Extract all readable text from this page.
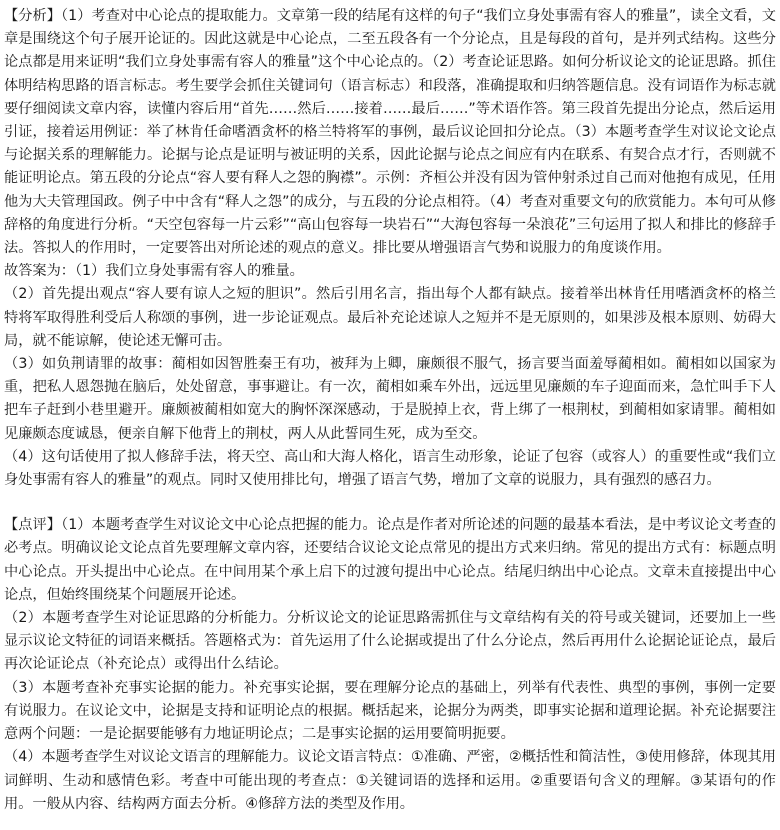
【分析】（1）考查对中心论点的提取能力。文章第一段的结尾有这样的句子“我们立身处事需有容人的雅量”，读全文看，文章是围绕这个句子展开论证的。因此这就是中心论点，二至五段各有一个分论点，且是每段的首句，是并列式结构。这些分论点都是用来证明“我们立身处事需有容人的雅量”这个中心论点的。（2）考查论证思路。如何分析议论文的论证思路。抓住体明结构思路的语言标志。考生要学会抓住关键词句（语言标志）和段落，准确提取和归纳答题信息。没有词语作为标志就要仔细阅读文章内容，读懂内容后用“首先……然后……接着……最后……”等术语作答。第三段首先提出分论点，然后运用引证，接着运用例证：举了林肯任命嗜酒贪杯的格兰特将军的事例，最后议论回扣分论点。（3）本题考查学生对议论文论点与论据关系的理解能力。论据与论点是证明与被证明的关系，因此论据与论点之间应有内在联系、有契合点才行，否则就不能证明论点。第五段的分论点“容人要有释人之怨的胸襟”。示例：齐桓公并没有因为管仲射杀过自己而对他抱有成见，任用他为大夫管理国政。例子中中含有“释人之怨”的成分，与五段的分论点相符。（4）考查对重要文句的欣赏能力。本句可从修辞格的角度进行分析。“天空包容每一片云彩”“高山包容每一块岩石”“大海包容每一朵浪花”三句运用了拟人和排比的修辞手法。答拟人的作用时，一定要答出对所论述的观点的意义。排比要从增强语言气势和说服力的角度谈作用。

故答案为：（1）我们立身处事需有容人的雅量。

（2）首先提出观点“容人要有谅人之短的胆识”。然后引用名言，指出每个人都有缺点。接着举出林肯任用嗜酒贪杯的格兰特将军取得胜利受后人称颂的事例，进一步论证观点。最后补充论述谅人之短并不是无原则的，如果涉及根本原则、妨碍大局，就不能谅解，使论述无懈可击。

（3）如负荆请罪的故事：蔺相如因智胜秦王有功，被拜为上卿，廉颇很不服气，扬言要当面羞辱蔺相如。蔺相如以国家为重，把私人恩怨抛在脑后，处处留意，事事避让。有一次，蔺相如乘车外出，远远里见廉颇的车子迎面而来，急忙叫手下人把车子赶到小巷里避开。廉颇被蔺相如宽大的胸怀深深感动，于是脱掉上衣，背上绑了一根荆杖，到蔺相如家请罪。蔺相如见廉颇态度诚恳，便亲自解下他背上的荆杖，两人从此誓同生死，成为至交。

（4）这句话使用了拟人修辞手法，将天空、高山和大海人格化，语言生动形象，论证了包容（或容人）的重要性或“我们立身处事需有容人的雅量”的观点。同时又使用排比句，增强了语言气势，增加了文章的说服力，具有强烈的感召力。

【点评】（1）本题考查学生对议论文中心论点把握的能力。论点是作者对所论述的问题的最基本看法，是中考议论文考查的必考点。明确议论文论点首先要理解文章内容，还要结合议论文论点常见的提出方式来归纳。常见的提出方式有：标题点明中心论点。开头提出中心论点。在中间用某个承上启下的过渡句提出中心论点。结尾归纳出中心论点。文章未直接提出中心论点，但始终围绕某个问题展开论述。

（2）本题考查学生对论证思路的分析能力。分析议论文的论证思路需抓住与文章结构有关的符号或关键词，还要加上一些显示议论文特征的词语来概括。答题格式为：首先运用了什么论据或提出了什么分论点，然后再用什么论据论证论点，最后再次论证论点（补充论点）或得出什么结论。

（3）本题考查补充事实论据的能力。补充事实论据，要在理解分论点的基础上，列举有代表性、典型的事例，事例一定要有说服力。在议论文中，论据是支持和证明论点的根据。概括起来，论据分为两类，即事实论据和道理论据。补充论据要注意两个问题：一是论据要能够有力地证明论点；二是事实论据的运用要简明扼要。

（4）本题考查学生对议论文语言的理解能力。议论文语言特点：①准确、严密，②概括性和简洁性，③使用修辞，体现其用词鲜明、生动和感情色彩。考查中可能出现的考查点：①关键词语的选择和运用。②重要语句含义的理解。③某语句的作用。一般从内容、结构两方面去分析。④修辞方法的类型及作用。
